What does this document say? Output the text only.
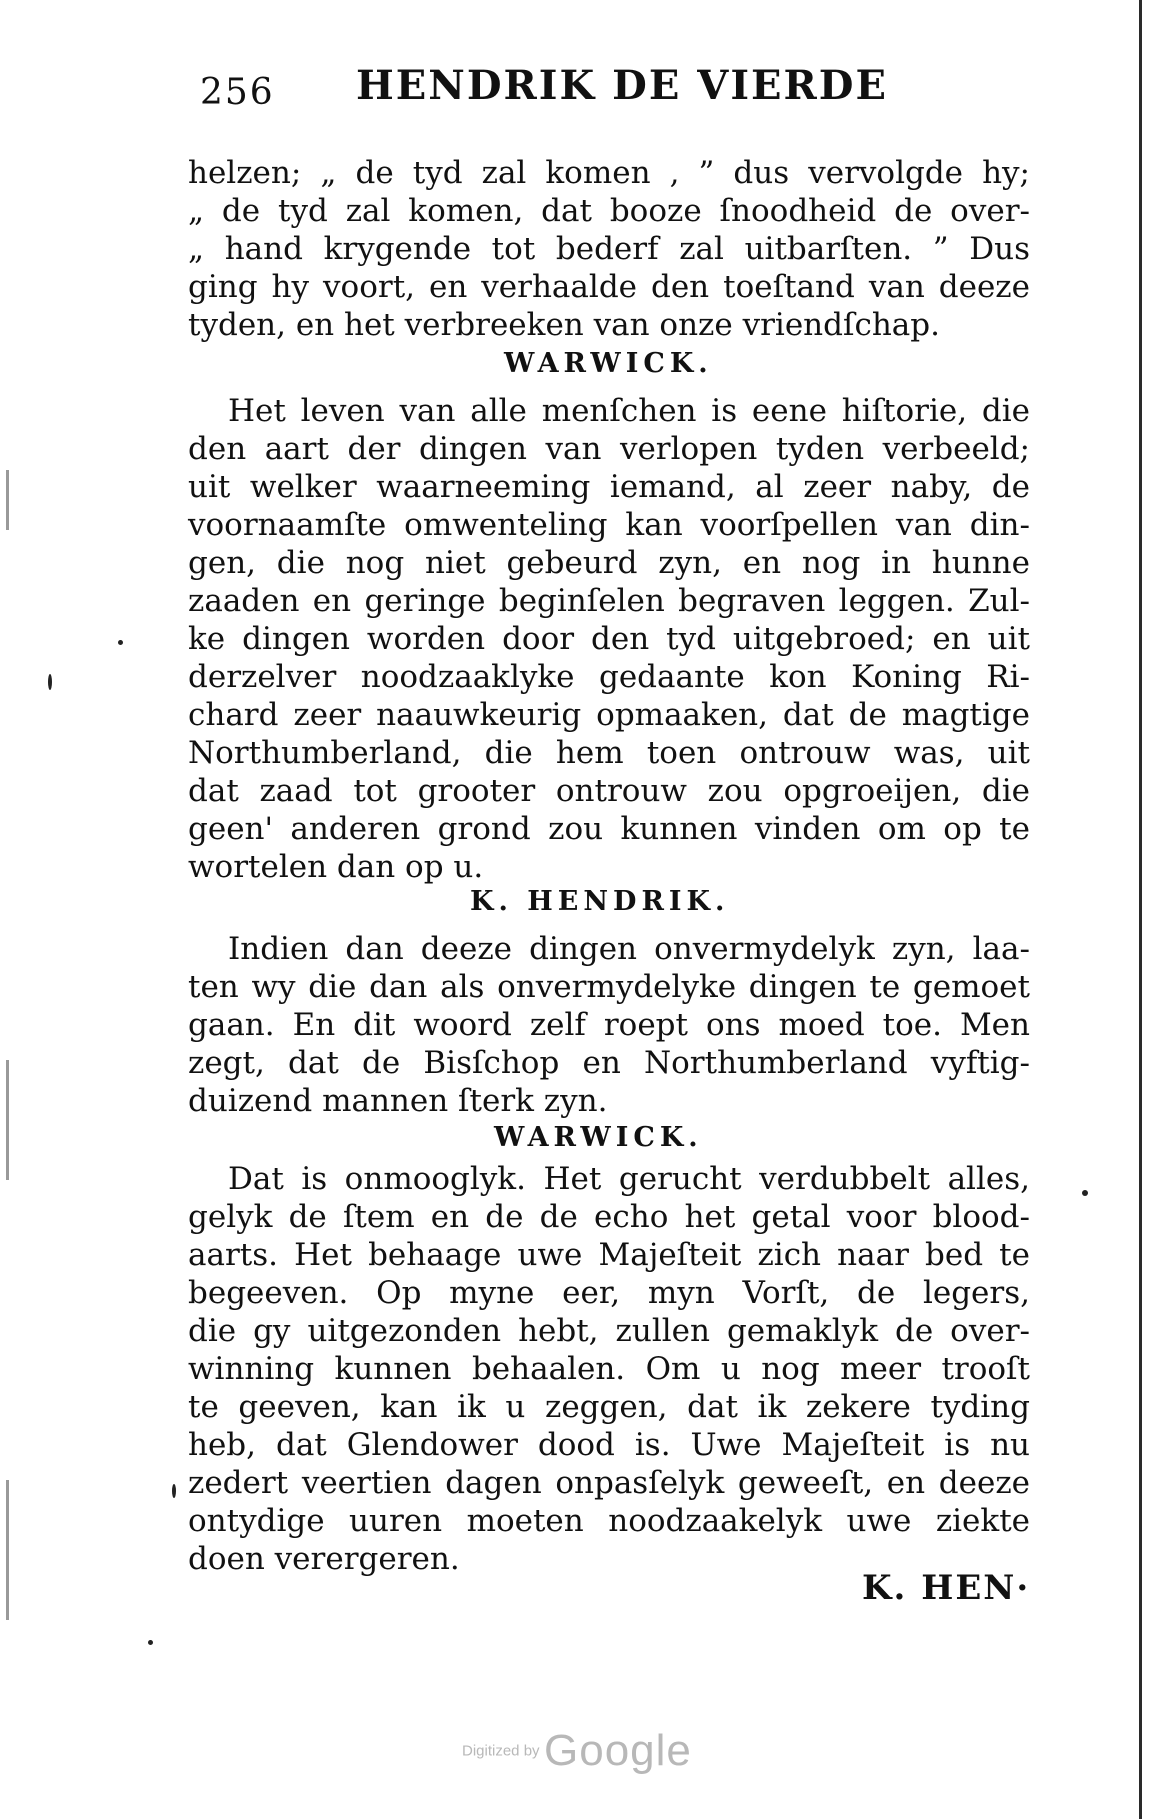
256 HENDRIK DE VIERDE
helzen; „ de tyd zal komen , ” dus vervolgde hy;
„ de tyd zal komen, dat booze ſnoodheid de over-
„ hand krygende tot bederf zal uitbarſten. ” Dus
ging hy voort, en verhaalde den toeſtand van deeze
tyden, en het verbreeken van onze vriendſchap.
WARWICK.
Het leven van alle menſchen is eene hiſtorie, die
den aart der dingen van verlopen tyden verbeeld;
uit welker waarneeming iemand, al zeer naby, de
voornaamſte omwenteling kan voorſpellen van din-
gen, die nog niet gebeurd zyn, en nog in hunne
zaaden en geringe beginſelen begraven leggen. Zul-
ke dingen worden door den tyd uitgebroed; en uit
derzelver noodzaaklyke gedaante kon Koning Ri-
chard zeer naauwkeurig opmaaken, dat de magtige
Northumberland, die hem toen ontrouw was, uit
dat zaad tot grooter ontrouw zou opgroeijen, die
geen' anderen grond zou kunnen vinden om op te
wortelen dan op u.
K. HENDRIK.
Indien dan deeze dingen onvermydelyk zyn, laa-
ten wy die dan als onvermydelyke dingen te gemoet
gaan. En dit woord zelf roept ons moed toe. Men
zegt, dat de Bisſchop en Northumberland vyftig-
duizend mannen ſterk zyn.
WARWICK.
Dat is onmooglyk. Het gerucht verdubbelt alles,
gelyk de ſtem en de de echo het getal voor blood-
aarts. Het behaage uwe Majeſteit zich naar bed te
begeeven. Op myne eer, myn Vorſt, de legers,
die gy uitgezonden hebt, zullen gemaklyk de over-
winning kunnen behaalen. Om u nog meer trooſt
te geeven, kan ik u zeggen, dat ik zekere tyding
heb, dat Glendower dood is. Uwe Majeſteit is nu
zedert veertien dagen onpasſelyk geweeſt, en deeze
ontydige uuren moeten noodzaakelyk uwe ziekte
doen verergeren.
K. HEN·
Digitized by Google
